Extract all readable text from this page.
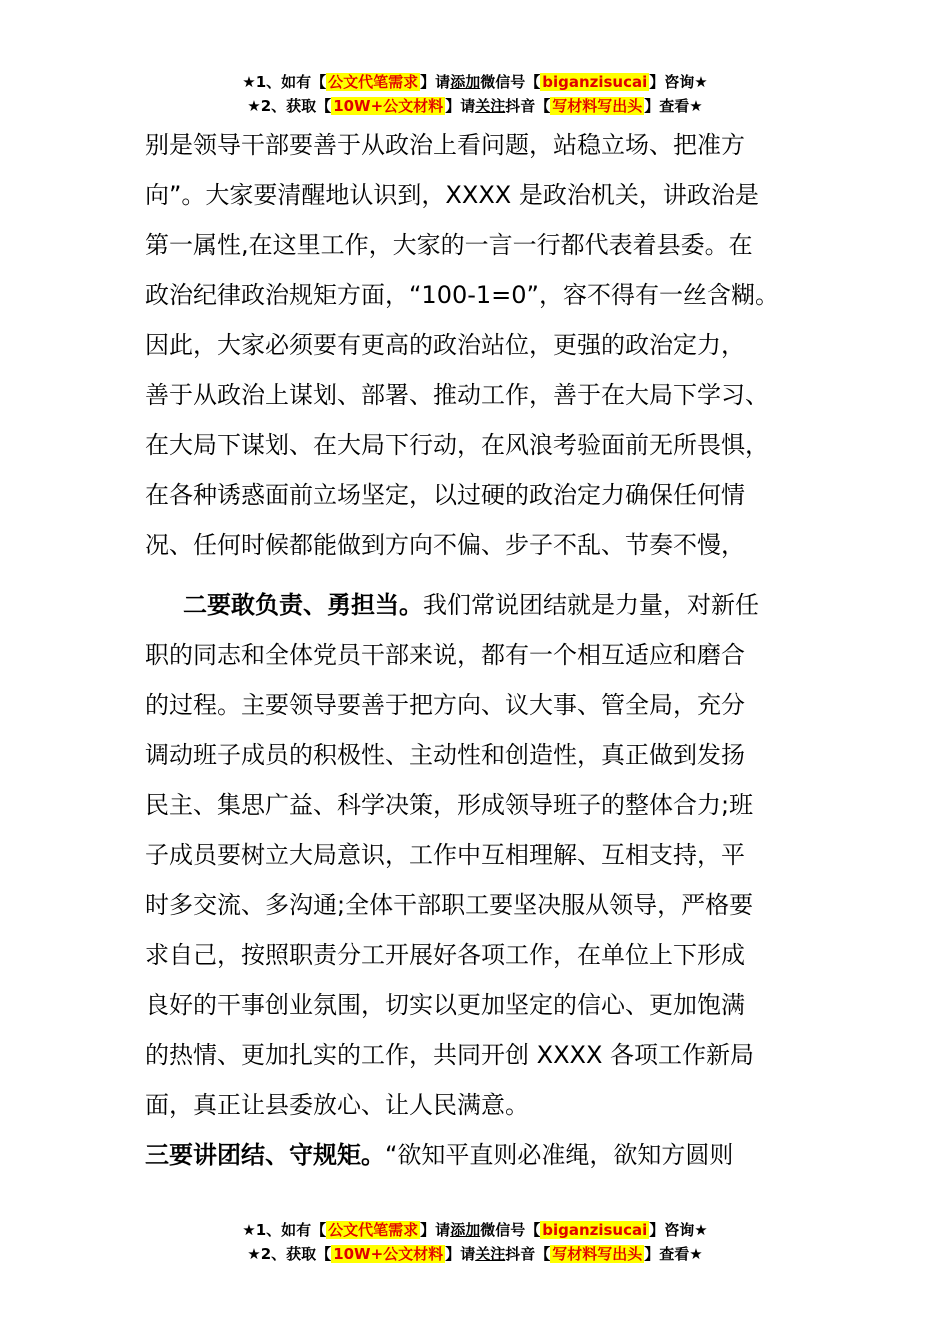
★1、如有【 公文代笔需求 】请添加微信号【 biganzisucai 】咨询★
★2、获取【 10W+公文材料 】请关注抖音【 写材料写出头 】查看★
别是领导干部要善于从政治上看问题，站稳立场、把准方
向”。大家要清醒地认识到，XXXX 是政治机关，讲政治是
第一属性,在这里工作，大家的一言一行都代表着县委。在
政治纪律政治规矩方面，“100-1=0”，容不得有一丝含糊。
因此，大家必须要有更高的政治站位，更强的政治定力，
善于从政治上谋划、部署、推动工作，善于在大局下学习、
在大局下谋划、在大局下行动，在风浪考验面前无所畏惧，
在各种诱惑面前立场坚定，以过硬的政治定力确保任何情
况、任何时候都能做到方向不偏、步子不乱、节奏不慢，
二要敢负责、勇担当。我们常说团结就是力量，对新任
职的同志和全体党员干部来说，都有一个相互适应和磨合
的过程。主要领导要善于把方向、议大事、管全局，充分
调动班子成员的积极性、主动性和创造性，真正做到发扬
民主、集思广益、科学决策，形成领导班子的整体合力;班
子成员要树立大局意识，工作中互相理解、互相支持，平
时多交流、多沟通;全体干部职工要坚决服从领导，严格要
求自己，按照职责分工开展好各项工作，在单位上下形成
良好的干事创业氛围，切实以更加坚定的信心、更加饱满
的热情、更加扎实的工作，共同开创 XXXX 各项工作新局
面，真正让县委放心、让人民满意。
三要讲团结、守规矩。“欲知平直则必准绳，欲知方圆则
★1、如有【 公文代笔需求 】请添加微信号【 biganzisucai 】咨询★
★2、获取【 10W+公文材料 】请关注抖音【 写材料写出头 】查看★
